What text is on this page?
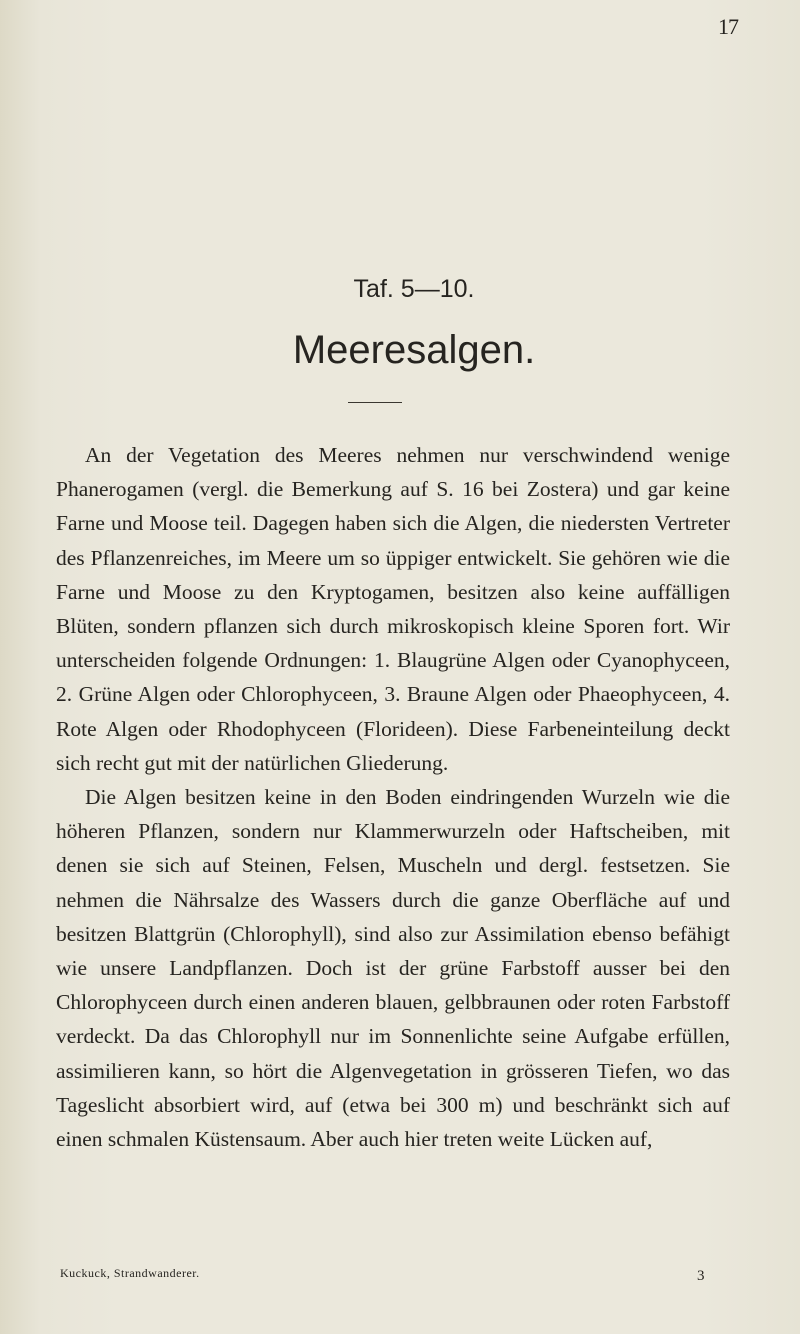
17
Taf. 5—10.
Meeresalgen.

An der Vegetation des Meeres nehmen nur verschwindend wenige Phanerogamen (vergl. die Bemerkung auf S. 16 bei Zostera) und gar keine Farne und Moose teil. Dagegen haben sich die Algen, die niedersten Vertreter des Pflanzenreiches, im Meere um so üppiger entwickelt. Sie gehören wie die Farne und Moose zu den Kryptogamen, besitzen also keine auffälligen Blüten, sondern pflanzen sich durch mikroskopisch kleine Sporen fort. Wir unterscheiden folgende Ordnungen: 1. Blaugrüne Algen oder Cyanophyceen, 2. Grüne Algen oder Chlorophyceen, 3. Braune Algen oder Phaeophyceen, 4. Rote Algen oder Rhodophyceen (Florideen). Diese Farbeneinteilung deckt sich recht gut mit der natürlichen Gliederung.

Die Algen besitzen keine in den Boden eindringenden Wurzeln wie die höheren Pflanzen, sondern nur Klammerwurzeln oder Haftscheiben, mit denen sie sich auf Steinen, Felsen, Muscheln und dergl. festsetzen. Sie nehmen die Nährsalze des Wassers durch die ganze Oberfläche auf und besitzen Blattgrün (Chlorophyll), sind also zur Assimilation ebenso befähigt wie unsere Landpflanzen. Doch ist der grüne Farbstoff ausser bei den Chlorophyceen durch einen anderen blauen, gelbbraunen oder roten Farbstoff verdeckt. Da das Chlorophyll nur im Sonnenlichte seine Aufgabe erfüllen, assimilieren kann, so hört die Algenvegetation in grösseren Tiefen, wo das Tageslicht absorbiert wird, auf (etwa bei 300 m) und beschränkt sich auf einen schmalen Küstensaum. Aber auch hier treten weite Lücken auf,

Kuckuck, Strandwanderer.	3
